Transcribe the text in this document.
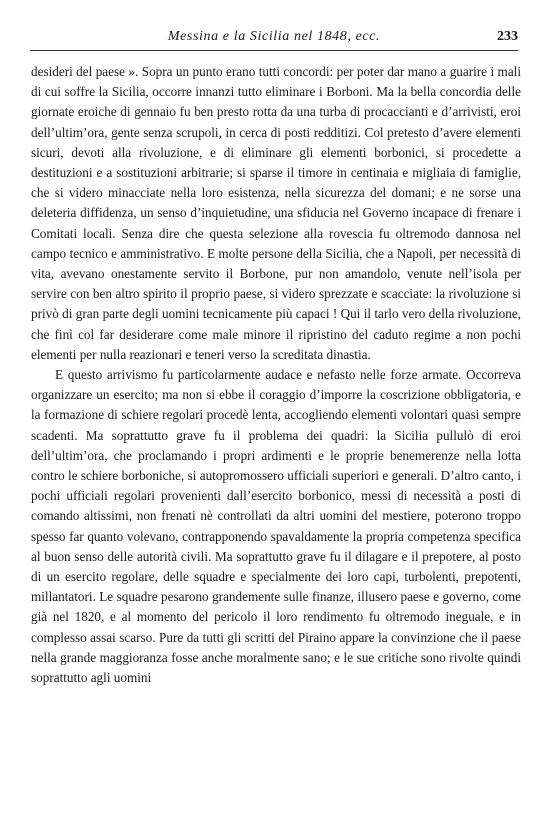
Messina e la Sicilia nel 1848, ecc.	233

desideri del paese ». Sopra un punto erano tutti concordi: per poter dar mano a guarire i mali di cui soffre la Sicilia, occorre innanzi tutto eliminare i Borboni. Ma la bella concordia delle giornate eroiche di gennaio fu ben presto rotta da una turba di procaccianti e d’arrivisti, eroi dell’ultim’ora, gente senza scrupoli, in cerca di posti redditizi. Col pretesto d’avere elementi sicuri, devoti alla rivoluzione, e di eliminare gli elementi borbonici, si procedette a destituzioni e a sostituzioni arbitrarie; si sparse il timore in centinaia e migliaia di famiglie, che si videro minacciate nella loro esistenza, nella sicurezza del domani; e ne sorse una deleteria diffidenza, un senso d’inquietudine, una sfiducia nel Governo incapace di frenare i Comitati locali. Senza dire che questa selezione alla rovescia fu oltremodo dannosa nel campo tecnico e amministrativo. E molte persone della Sicilia, che a Napoli, per necessità di vita, avevano onestamente servito il Borbone, pur non amandolo, venute nell’isola per servire con ben altro spirito il proprio paese, si videro sprezzate e scacciate: la rivoluzione si privò di gran parte degli uomini tecnicamente più capaci ! Qui il tarlo vero della rivoluzione, che finì col far desiderare come male minore il ripristino del caduto regime a non pochi elementi per nulla reazionari e teneri verso la screditata dinastia.

E questo arrivismo fu particolarmente audace e nefasto nelle forze armate. Occorreva organizzare un esercito; ma non si ebbe il coraggio d’imporre la coscrizione obbligatoria, e la formazione di schiere regolari procedè lenta, accogliendo elementi volontari quasi sempre scadenti. Ma soprattutto grave fu il problema dei quadri: la Sicilia pullulò di eroi dell’ultim’ora, che proclamando i propri ardimenti e le proprie benemerenze nella lotta contro le schiere borboniche, si autopromossero ufficiali superiori e generali. D’altro canto, i pochi ufficiali regolari provenienti dall’esercito borbonico, messi di necessità a posti di comando altissimi, non frenati nè controllati da altri uomini del mestiere, poterono troppo spesso far quanto volevano, contrapponendo spavaldamente la propria competenza specifica al buon senso delle autorità civili. Ma soprattutto grave fu il dilagare e il prepotere, al posto di un esercito regolare, delle squadre e specialmente dei loro capi, turbolenti, prepotenti, millantatori. Le squadre pesarono grandemente sulle finanze, illusero paese e governo, come già nel 1820, e al momento del pericolo il loro rendimento fu oltremodo ineguale, e in complesso assai scarso. Pure da tutti gli scritti del Piraino appare la convinzione che il paese nella grande maggioranza fosse anche moralmente sano; e le sue critiche sono rivolte quindi soprattutto agli uomini
